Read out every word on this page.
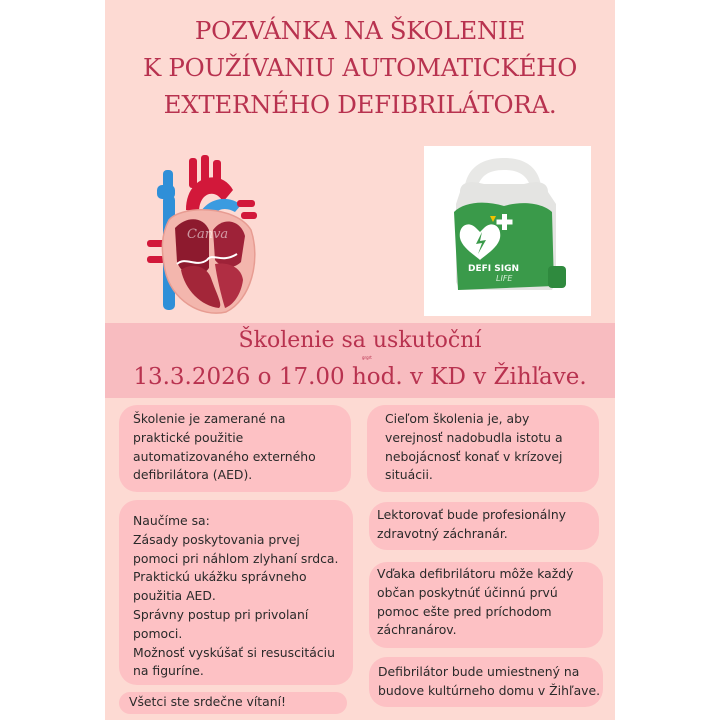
POZVÁNKA NA ŠKOLENIE
K POUŽÍVANIU AUTOMATICKÉHO
EXTERNÉHO DEFIBRILÁTORA.
Canva
DEFI SIGN
LIFE
Školenie sa uskutoční
13.3.2026 o 17.00 hod. v KD v Žihľave.
grgrt
Školenie je zamerané na
praktické použitie
automatizovaného externého
defibrilátora (AED).
Cieľom školenia je, aby
verejnosť nadobudla istotu a
nebojácnosť konať v krízovej
situácii.
Naučíme sa:
Zásady poskytovania prvej
pomoci pri náhlom zlyhaní srdca.
Praktickú ukážku správneho
použitia AED.
Správny postup pri privolaní
pomoci.
Možnosť vyskúšať si resuscitáciu
na figuríne.
Lektorovať bude profesionálny
zdravotný záchranár.
Vďaka defibrilátoru môže každý
občan poskytnúť účinnú prvú
pomoc ešte pred príchodom
záchranárov.
Defibrilátor bude umiestnený na
budove kultúrneho domu v Žihľave.
Všetci ste srdečne vítaní!
